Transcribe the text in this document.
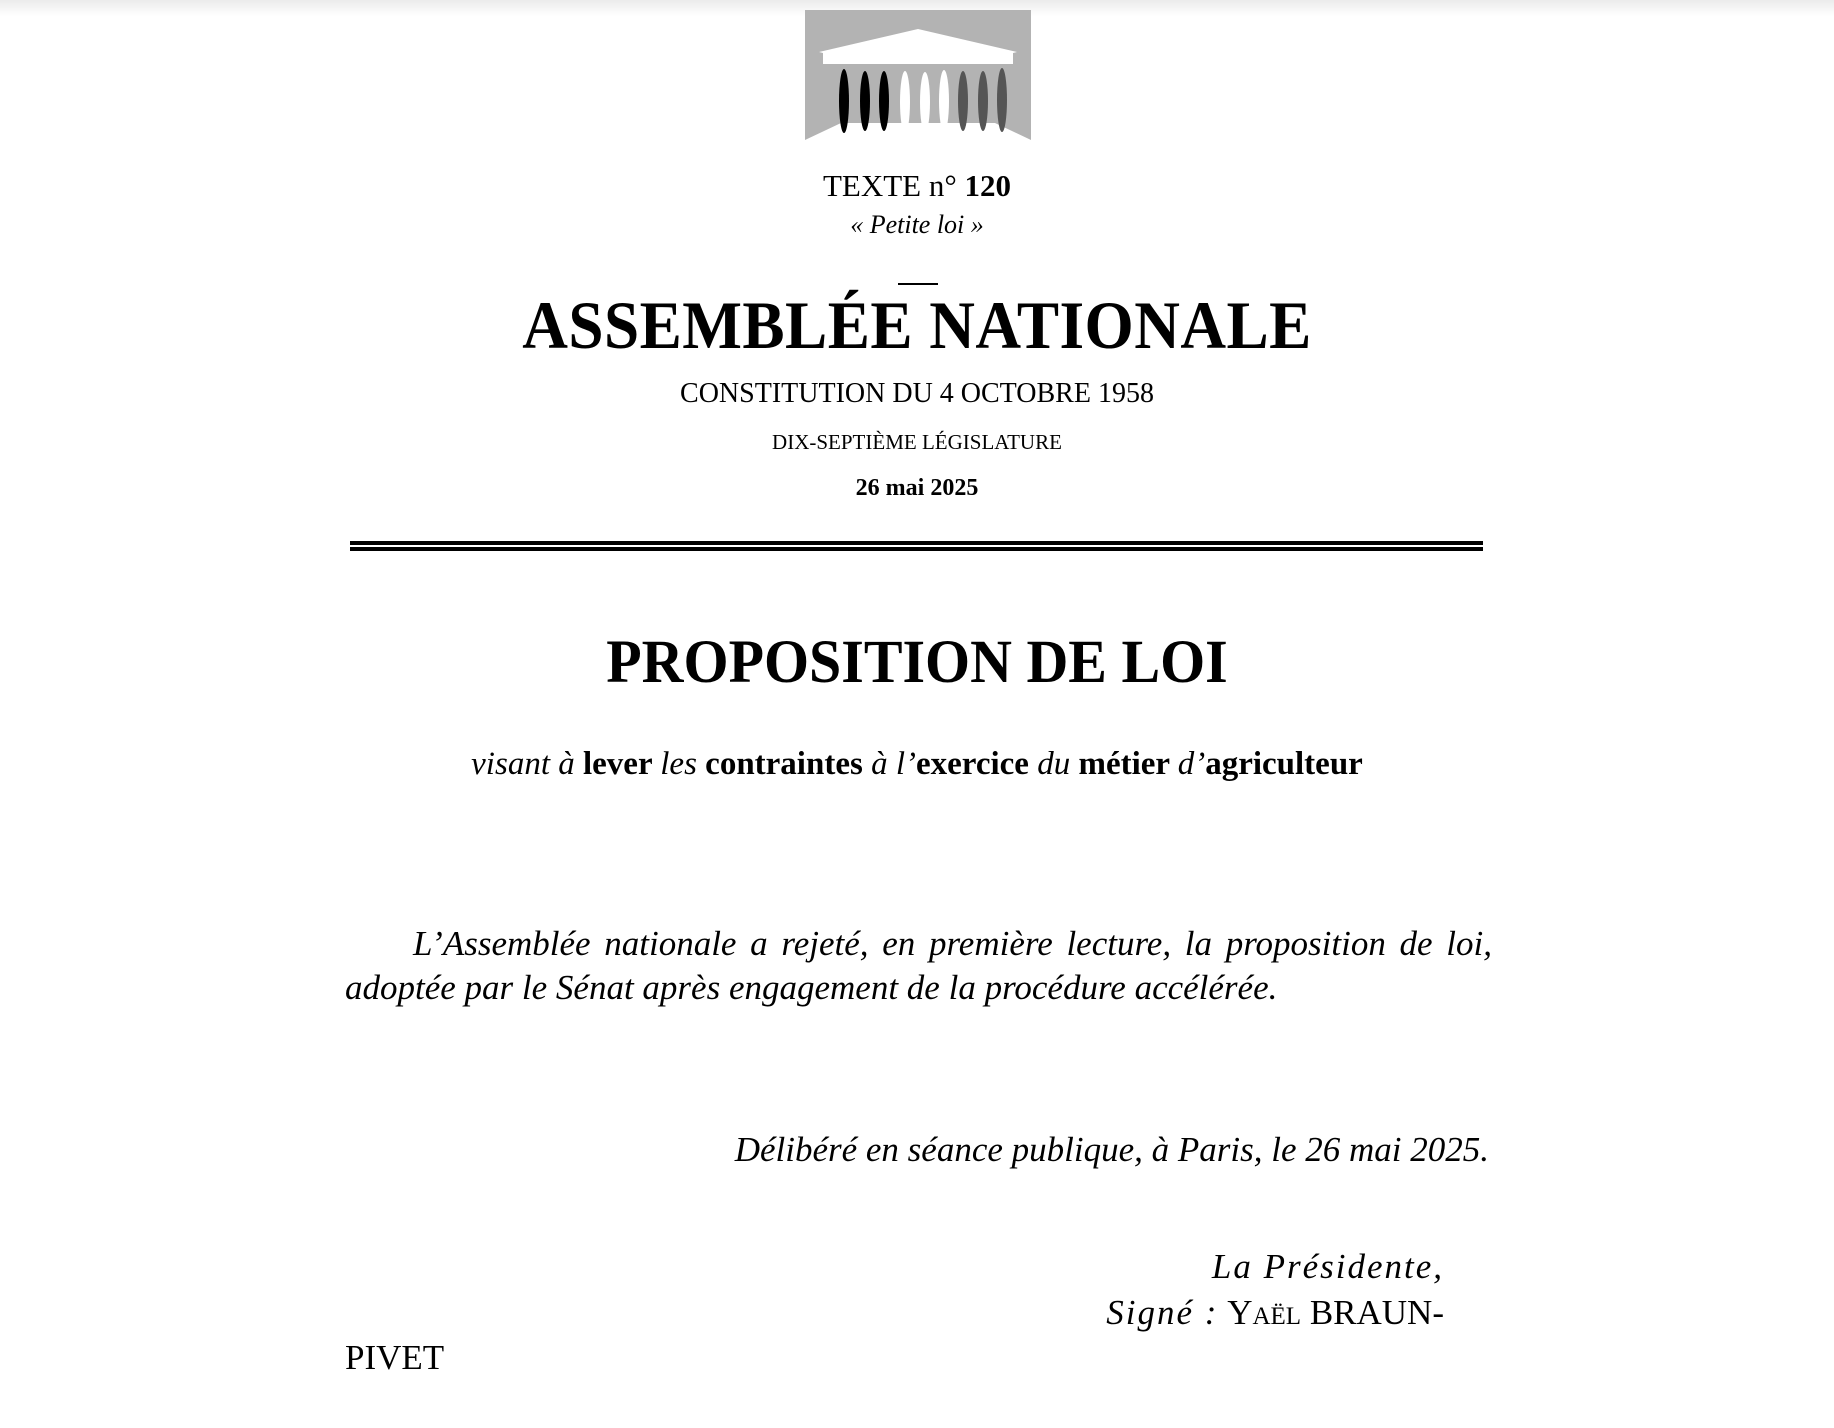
TEXTE n° 120
« Petite loi »
ASSEMBLÉE NATIONALE
CONSTITUTION DU 4 OCTOBRE 1958
DIX-SEPTIÈME LÉGISLATURE
26 mai 2025
PROPOSITION DE LOI
visant à lever les contraintes à l’exercice du métier d’agriculteur
L’Assemblée nationale a rejeté, en première lecture, la proposition de loi, adoptée par le Sénat après engagement de la procédure accélérée.
Délibéré en séance publique, à Paris, le 26 mai 2025.
La Présidente,
Signé : Yaël BRAUN-
PIVET
